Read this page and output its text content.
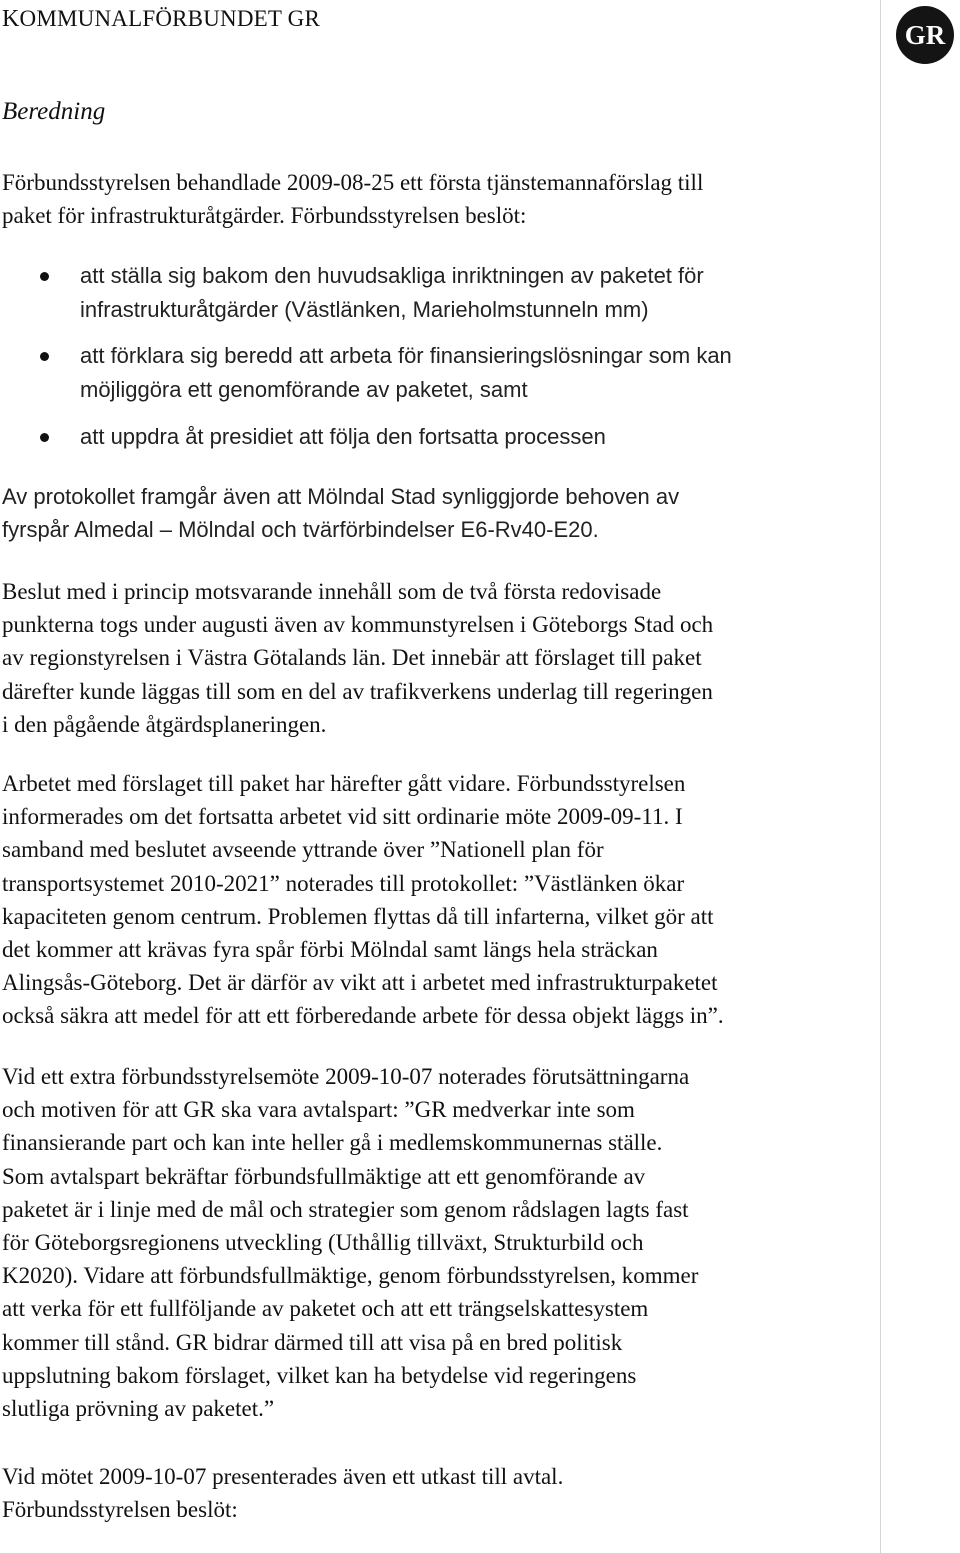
KOMMUNALFÖRBUNDET GR
GR
Beredning
Förbundsstyrelsen behandlade 2009-08-25 ett första tjänstemannaförslag till
paket för infrastrukturåtgärder. Förbundsstyrelsen beslöt:
att ställa sig bakom den huvudsakliga inriktningen av paketet för
infrastrukturåtgärder (Västlänken, Marieholmstunneln mm)
att förklara sig beredd att arbeta för finansieringslösningar som kan
möjliggöra ett genomförande av paketet, samt
att uppdra åt presidiet att följa den fortsatta processen
Av protokollet framgår även att Mölndal Stad synliggjorde behoven av
fyrspår Almedal – Mölndal och tvärförbindelser E6-Rv40-E20.
Beslut med i princip motsvarande innehåll som de två första redovisade
punkterna togs under augusti även av kommunstyrelsen i Göteborgs Stad och
av regionstyrelsen i Västra Götalands län. Det innebär att förslaget till paket
därefter kunde läggas till som en del av trafikverkens underlag till regeringen
i den pågående åtgärdsplaneringen.
Arbetet med förslaget till paket har härefter gått vidare. Förbundsstyrelsen
informerades om det fortsatta arbetet vid sitt ordinarie möte 2009-09-11. I
samband med beslutet avseende yttrande över ”Nationell plan för
transportsystemet 2010-2021” noterades till protokollet: ”Västlänken ökar
kapaciteten genom centrum. Problemen flyttas då till infarterna, vilket gör att
det kommer att krävas fyra spår förbi Mölndal samt längs hela sträckan
Alingsås-Göteborg. Det är därför av vikt att i arbetet med infrastrukturpaketet
också säkra att medel för att ett förberedande arbete för dessa objekt läggs in”.
Vid ett extra förbundsstyrelsemöte 2009-10-07 noterades förutsättningarna
och motiven för att GR ska vara avtalspart: ”GR medverkar inte som
finansierande part och kan inte heller gå i medlemskommunernas ställe.
Som avtalspart bekräftar förbundsfullmäktige att ett genomförande av
paketet är i linje med de mål och strategier som genom rådslagen lagts fast
för Göteborgsregionens utveckling (Uthållig tillväxt, Strukturbild och
K2020). Vidare att förbundsfullmäktige, genom förbundsstyrelsen, kommer
att verka för ett fullföljande av paketet och att ett trängselskattesystem
kommer till stånd. GR bidrar därmed till att visa på en bred politisk
uppslutning bakom förslaget, vilket kan ha betydelse vid regeringens
slutliga prövning av paketet.”
Vid mötet 2009-10-07 presenterades även ett utkast till avtal.
Förbundsstyrelsen beslöt:
